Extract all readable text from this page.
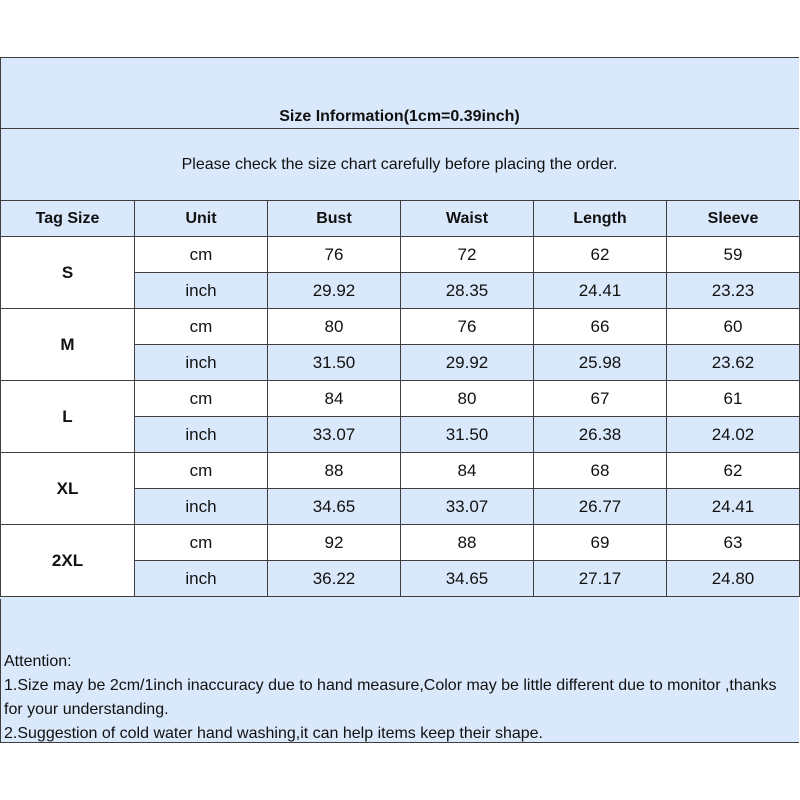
Size Information(1cm=0.39inch)
Please check the size chart carefully before placing the order.
Tag Size	Unit	Bust	Waist	Length	Sleeve
S	cm	76	72	62	59
	inch	29.92	28.35	24.41	23.23
M	cm	80	76	66	60
	inch	31.50	29.92	25.98	23.62
L	cm	84	80	67	61
	inch	33.07	31.50	26.38	24.02
XL	cm	88	84	68	62
	inch	34.65	33.07	26.77	24.41
2XL	cm	92	88	69	63
	inch	36.22	34.65	27.17	24.80
Attention:
1.Size may be 2cm/1inch inaccuracy due to hand measure,Color may be little different due to monitor ,thanks for your understanding.
2.Suggestion of cold water hand washing,it can help items keep their shape.
